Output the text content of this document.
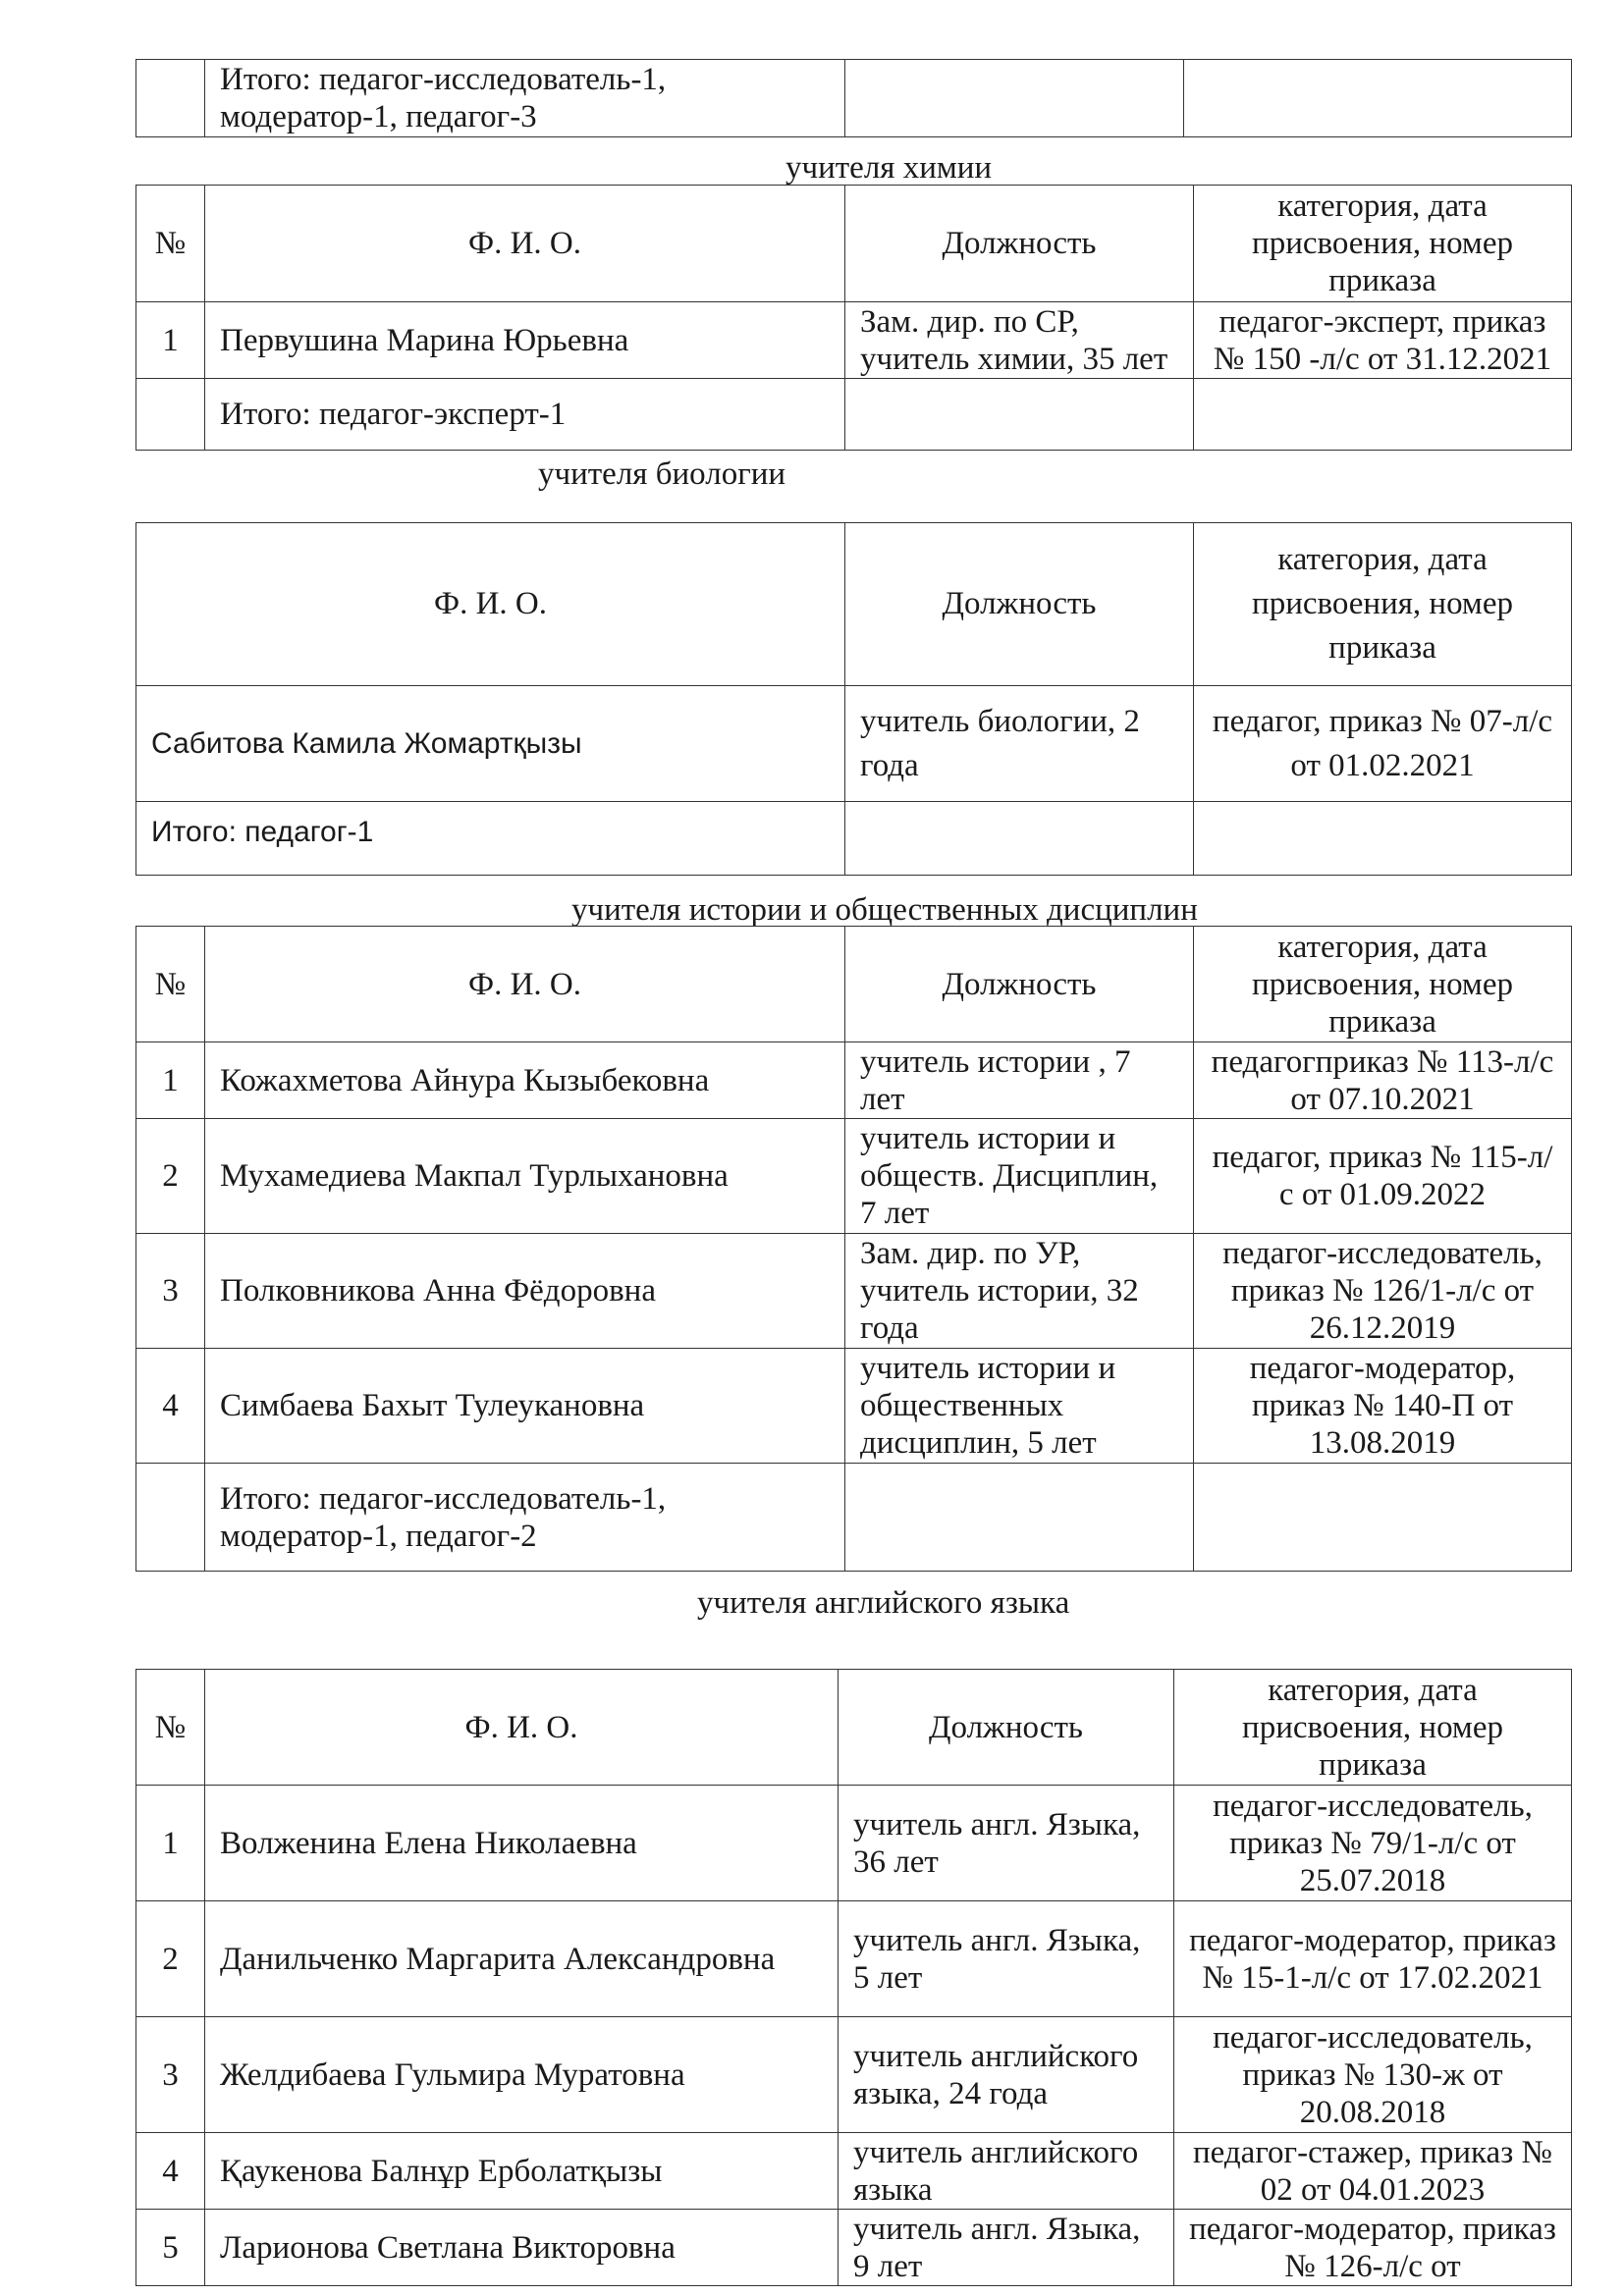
	Итого: педагог-исследователь-1, модератор-1, педагог-3		
учителя химии
№	Ф. И. О.	Должность	категория, дата присвоения, номер приказа
1	Первушина Марина Юрьевна	Зам. дир. по СР, учитель химии, 35 лет	педагог-эксперт, приказ № 150 -л/с от 31.12.2021
	Итого: педагог-эксперт-1		
учителя биологии
Ф. И. О.	Должность	категория, дата присвоения, номер приказа
Сабитова Камила Жомартқызы	учитель биологии, 2 года	педагог, приказ № 07-л/с от 01.02.2021
Итого: педагог-1		
учителя истории и общественных дисциплин
№	Ф. И. О.	Должность	категория, дата присвоения, номер приказа
1	Кожахметова Айнура Кызыбековна	учитель истории , 7 лет	педагогприказ № 113-л/с от 07.10.2021
2	Мухамедиева Макпал Турлыхановна	учитель истории и обществ. Дисциплин, 7 лет	педагог, приказ № 115-л/с от 01.09.2022
3	Полковникова Анна Фёдоровна	Зам. дир. по УР, учитель истории, 32 года	педагог-исследователь, приказ № 126/1-л/с от 26.12.2019
4	Симбаева Бахыт Тулеукановна	учитель истории и общественных дисциплин, 5 лет	педагог-модератор, приказ № 140-П от 13.08.2019
	Итого: педагог-исследователь-1, модератор-1, педагог-2		
учителя английского языка
№	Ф. И. О.	Должность	категория, дата присвоения, номер приказа
1	Волженина Елена Николаевна	учитель англ. Языка, 36 лет	педагог-исследователь, приказ № 79/1-л/с от 25.07.2018
2	Данильченко Маргарита Александровна	учитель англ. Языка, 5 лет	педагог-модератор, приказ № 15-1-л/с от 17.02.2021
3	Желдибаева Гульмира Муратовна	учитель английского языка, 24 года	педагог-исследователь, приказ № 130-ж от 20.08.2018
4	Қаукенова Балнұр Ерболатқызы	учитель английского языка	педагог-стажер, приказ № 02 от 04.01.2023
5	Ларионова Светлана Викторовна	учитель англ. Языка, 9 лет	педагог-модератор, приказ № 126-л/с от
